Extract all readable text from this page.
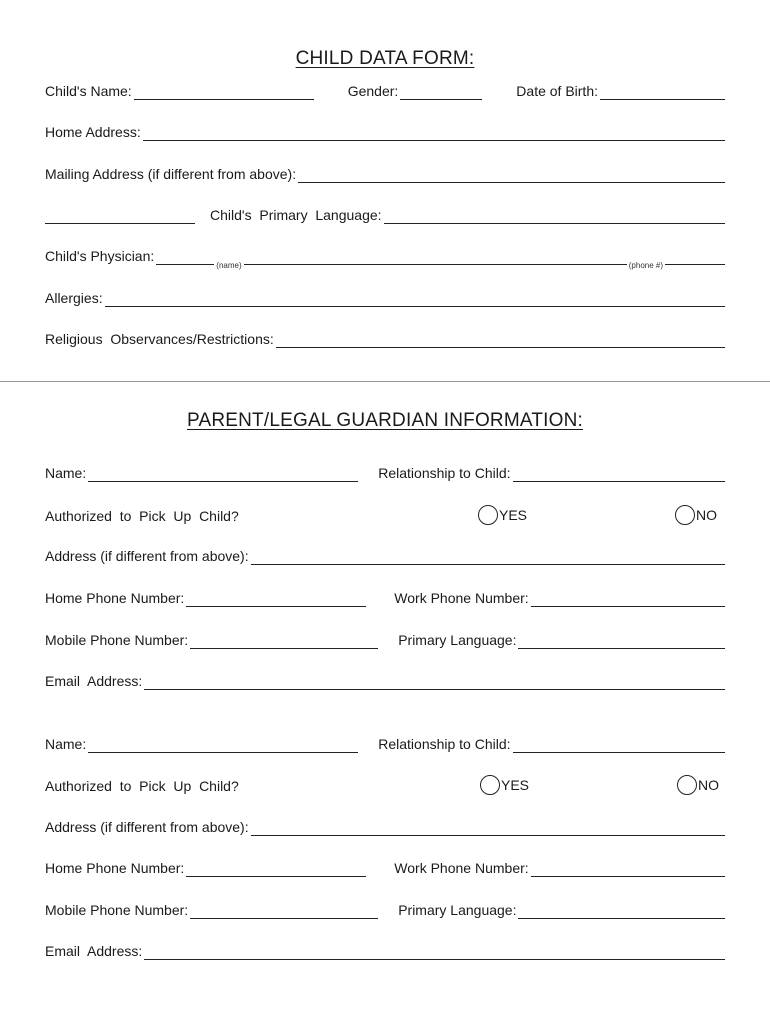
CHILD DATA FORM:
Child's Name:	Gender:	Date of Birth:
Home Address:
Mailing Address (if different from above):
Child's  Primary  Language:
Child's Physician:
(name)	(phone #)
Allergies:
Religious  Observances/Restrictions:
PARENT/LEGAL GUARDIAN INFORMATION:
Name:	Relationship to Child:
Authorized  to  Pick  Up  Child?	YES	NO
Address (if different from above):
Home Phone Number:	Work Phone Number:
Mobile Phone Number:	Primary Language:
Email  Address:
Name:	Relationship to Child:
Authorized  to  Pick  Up  Child?	YES	NO
Address (if different from above):
Home Phone Number:	Work Phone Number:
Mobile Phone Number:	Primary Language:
Email  Address:
